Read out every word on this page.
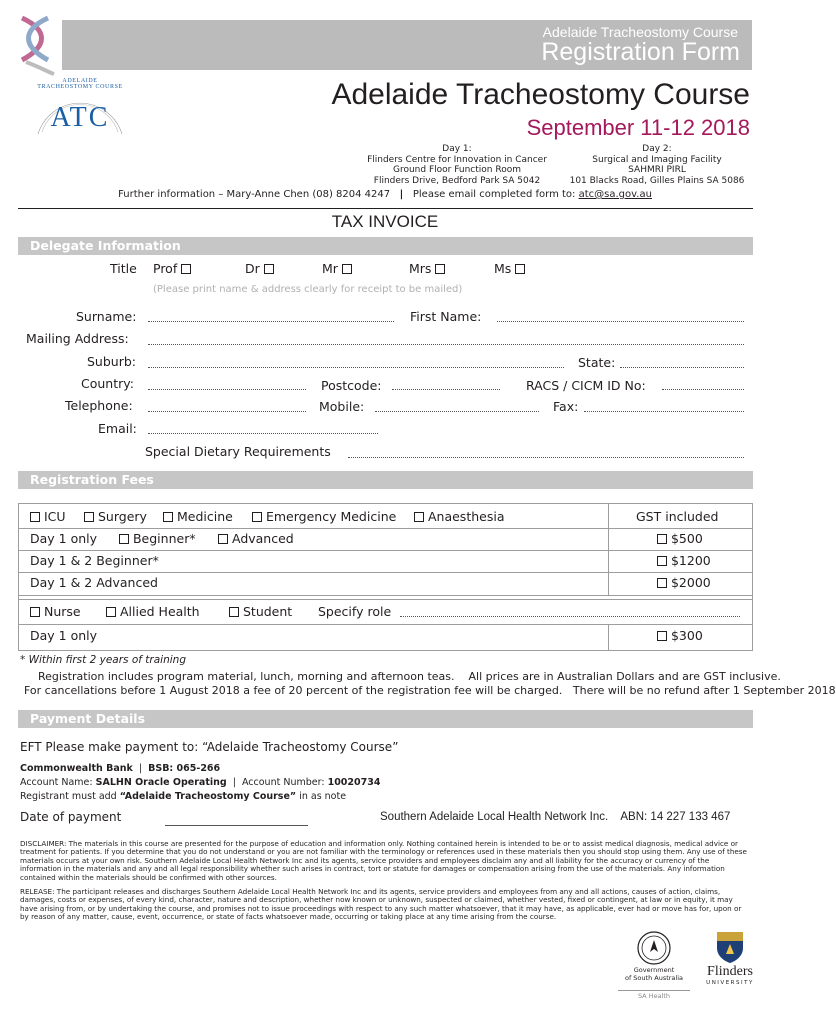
Adelaide Tracheostomy Course
Registration Form
ADELAIDE TRACHEOSTOMY COURSE
ATC
Adelaide Tracheostomy Course
September 11-12 2018
Day 1:
Flinders Centre for Innovation in Cancer
Ground Floor Function Room
Flinders Drive, Bedford Park SA 5042
Day 2:
Surgical and Imaging Facility
SAHMRI PIRL
101 Blacks Road, Gilles Plains SA 5086
Further information – Mary-Anne Chen (08) 8204 4247 | Please email completed form to: atc@sa.gov.au
TAX INVOICE
Delegate Information
Title Prof	Dr	Mr	Mrs	Ms
(Please print name & address clearly for receipt to be mailed)
Surname:	First Name:
Mailing Address:
Suburb:	State:
Country:	Postcode:	RACS / CICM ID No:
Telephone:	Mobile:	Fax:
Email:
Special Dietary Requirements
Registration Fees
ICU	Surgery	Medicine	Emergency Medicine	Anaesthesia	GST included
Day 1 only	Beginner*	Advanced	$500
Day 1 & 2 Beginner*	$1200
Day 1 & 2 Advanced	$2000
Nurse	Allied Health	Student Specify role
Day 1 only	$300
* Within first 2 years of training
Registration includes program material, lunch, morning and afternoon teas. All prices are in Australian Dollars and are GST inclusive.
For cancellations before 1 August 2018 a fee of 20 percent of the registration fee will be charged. There will be no refund after 1 September 2018
Payment Details
EFT Please make payment to: “Adelaide Tracheostomy Course”
Commonwealth Bank  |  BSB: 065-266
Account Name: SALHN Oracle Operating  |  Account Number: 10020734
Registrant must add “Adelaide Tracheostomy Course” in as note
Date of payment	Southern Adelaide Local Health Network Inc. ABN: 14 227 133 467
DISCLAIMER: The materials in this course are presented for the purpose of education and information only. Nothing contained herein is intended to be or to assist medical diagnosis, medical advice or treatment for patients. If you determine that you do not understand or you are not familiar with the terminology or references used in these materials then you should stop using them. Any use of these materials occurs at your own risk. Southern Adelaide Local Health Network Inc and its agents, service providers and employees disclaim any and all liability for the accuracy or currency of the information in the materials and any and all legal responsibility whether such arises in contract, tort or statute for damages or compensation arising from the use of the materials. Any information contained within the materials should be confirmed with other sources.
RELEASE: The participant releases and discharges Southern Adelaide Local Health Network Inc and its agents, service providers and employees from any and all actions, causes of action, claims, damages, costs or expenses, of every kind, character, nature and description, whether now known or unknown, suspected or claimed, whether vested, fixed or contingent, at law or in equity, it may have arising from, or by undertaking the course, and promises not to issue proceedings with respect to any such matter whatsoever, that it may have, as applicable, ever had or move has for, upon or by reason of any matter, cause, event, occurrence, or state of facts whatsoever made, occurring or taking place at any time arising from the course.
Government
of South Australia
SA Health
Flinders
UNIVERSITY
